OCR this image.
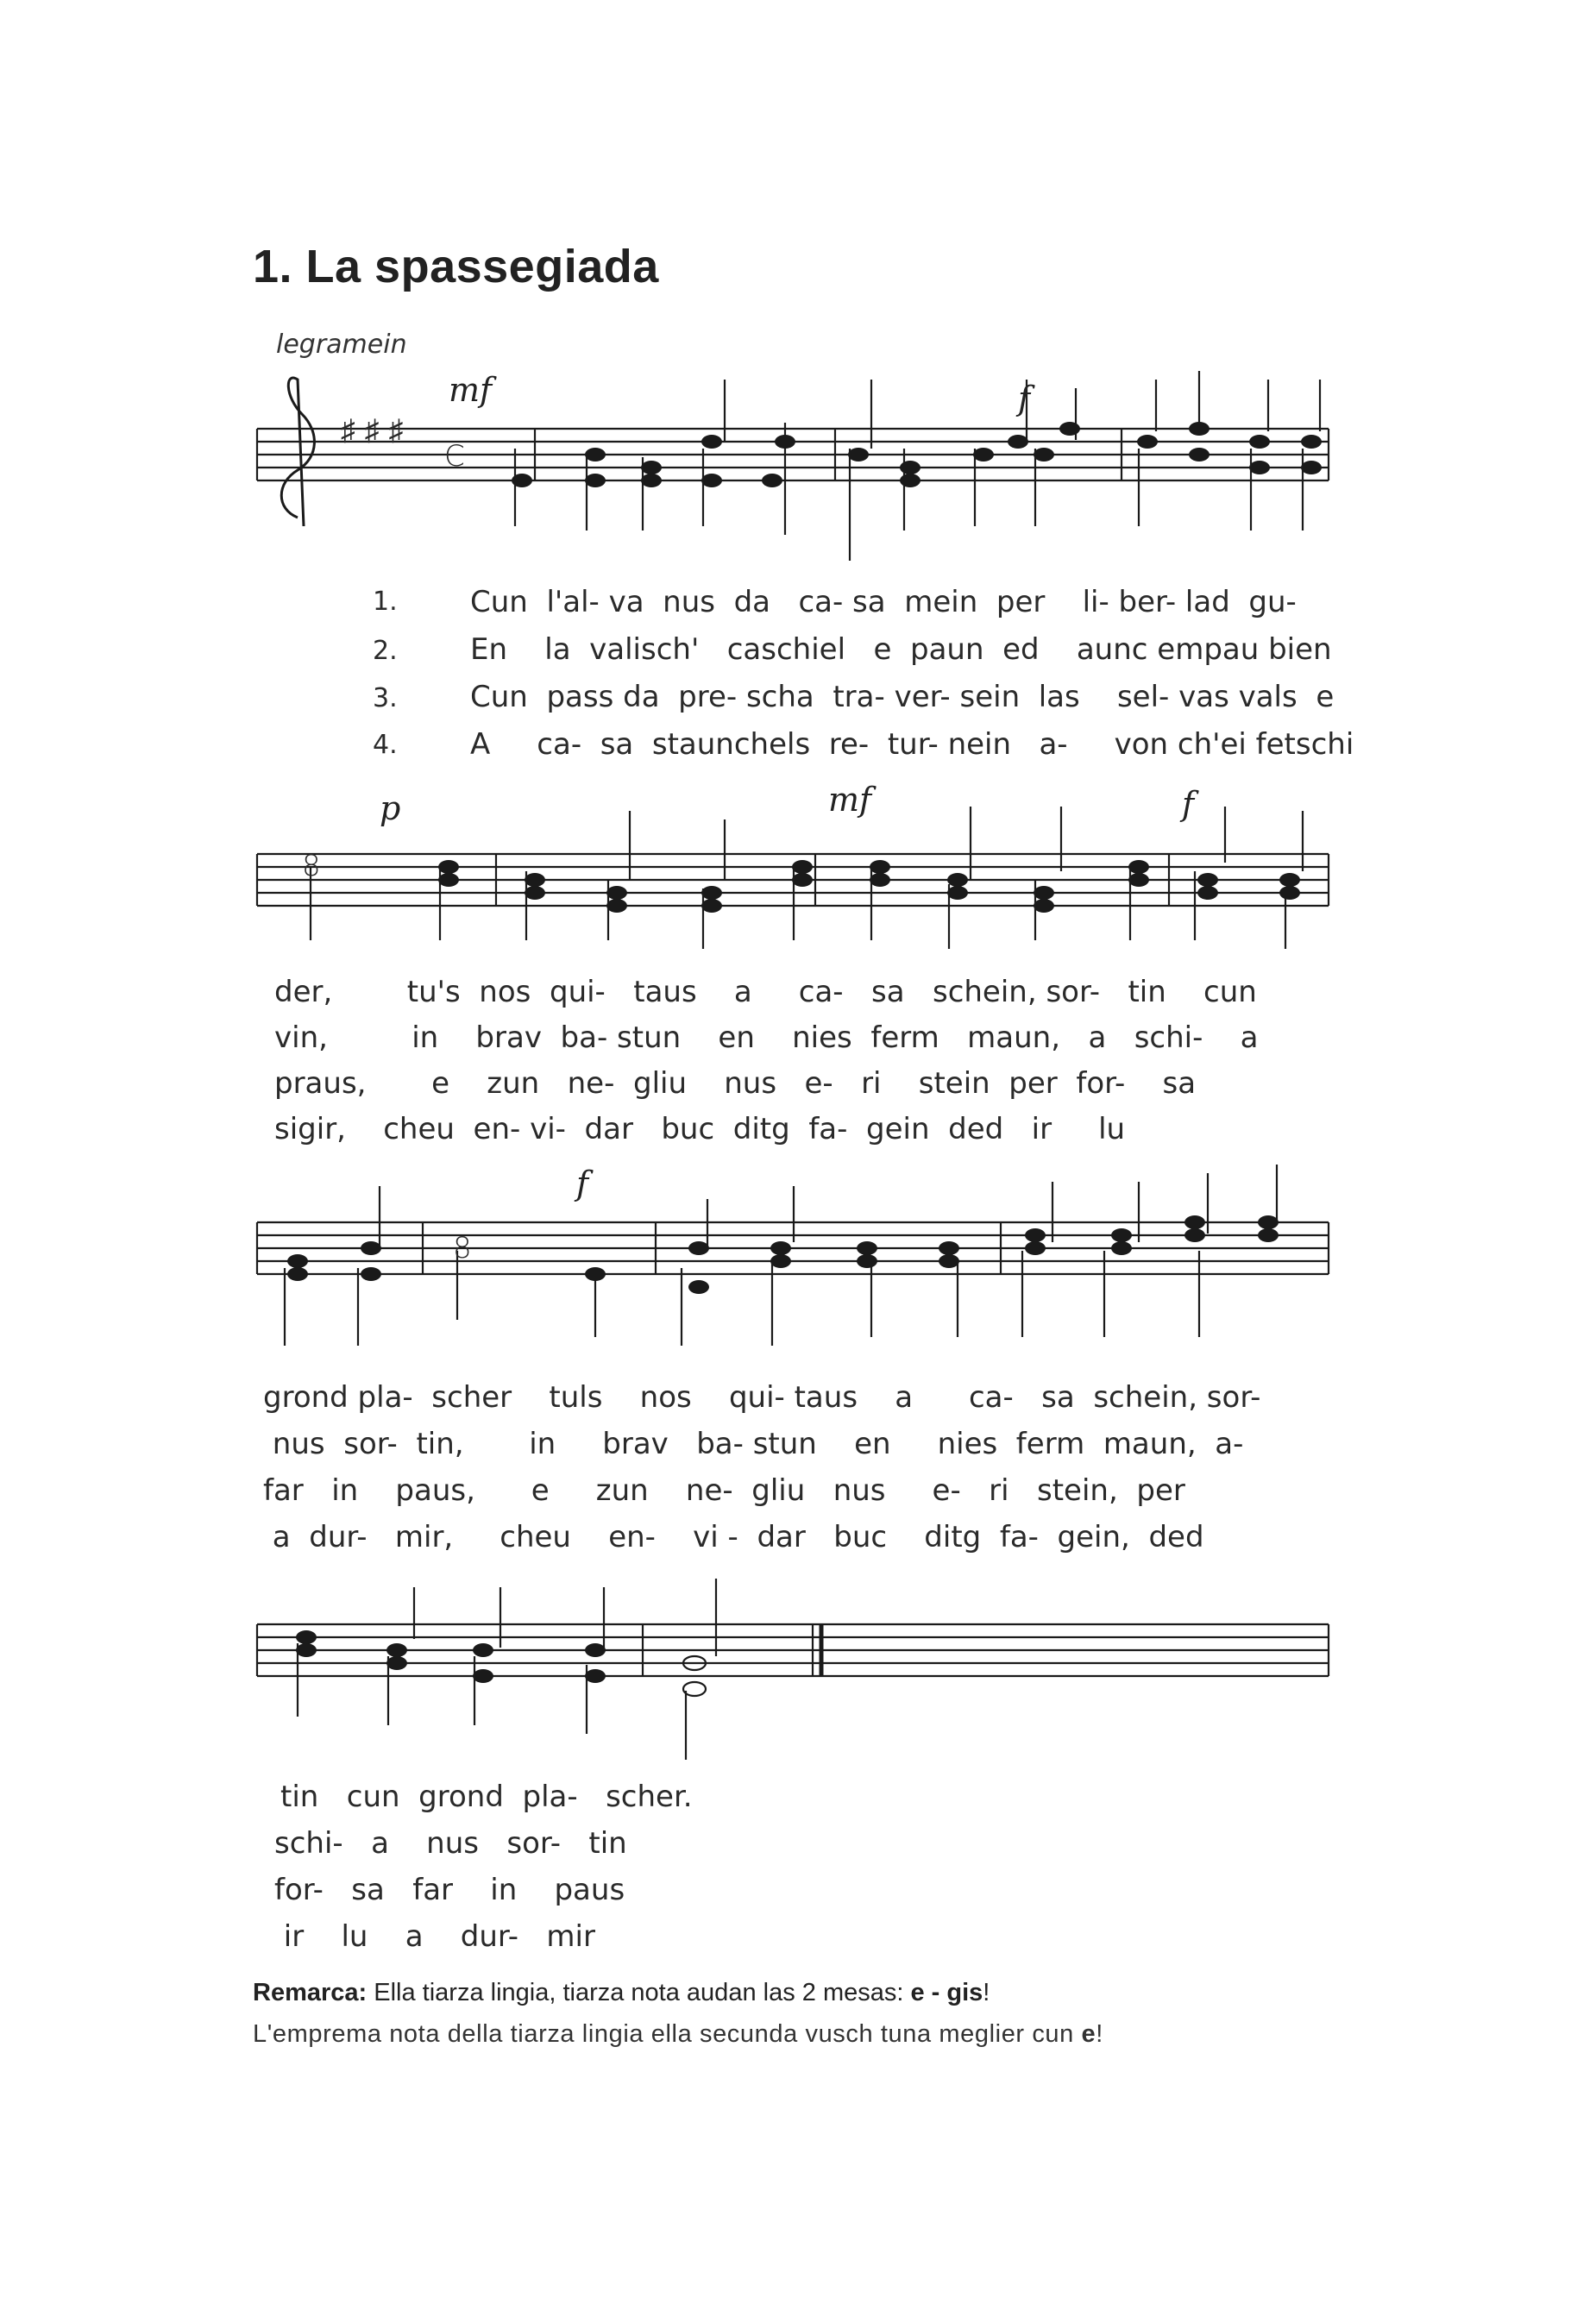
1. La spassegiada
legramein
♯ ♯ ♯
C
mf	f
8
p	mf	f
8
f
1.
2.
3.
4.
Cun  l'al- va  nus  da   ca- sa  mein  per    li- ber- lad  gu-
En    la  valisch'   caschiel   e  paun  ed    aunc empau bien
Cun  pass da  pre- scha  tra- ver- sein  las    sel- vas vals  e
A     ca-  sa  staunchels  re-  tur- nein   a-     von ch'ei fetschi
der,        tu's  nos  qui-   taus    a     ca-   sa   schein, sor-   tin    cun
vin,         in    brav  ba- stun    en    nies  ferm   maun,   a   schi-    a
praus,       e    zun   ne-  gliu    nus   e-   ri    stein  per  for-    sa
sigir,    cheu  en- vi-  dar   buc  ditg  fa-  gein  ded   ir     lu
grond pla-  scher    tuls    nos    qui- taus    a      ca-   sa  schein, sor-
nus  sor-  tin,       in     brav   ba- stun    en     nies  ferm  maun,  a-
far   in    paus,      e     zun    ne-  gliu   nus     e-   ri   stein,  per
a  dur-   mir,     cheu    en-    vi -  dar   buc    ditg  fa-  gein,  ded
tin   cun  grond  pla-   scher.
schi-   a    nus   sor-   tin
for-   sa   far    in    paus
ir    lu    a    dur-   mir
Remarca: Ella tiarza lingia, tiarza nota audan las 2 mesas: e - gis!
L'emprema nota della tiarza lingia ella secunda vusch tuna meglier cun e!
